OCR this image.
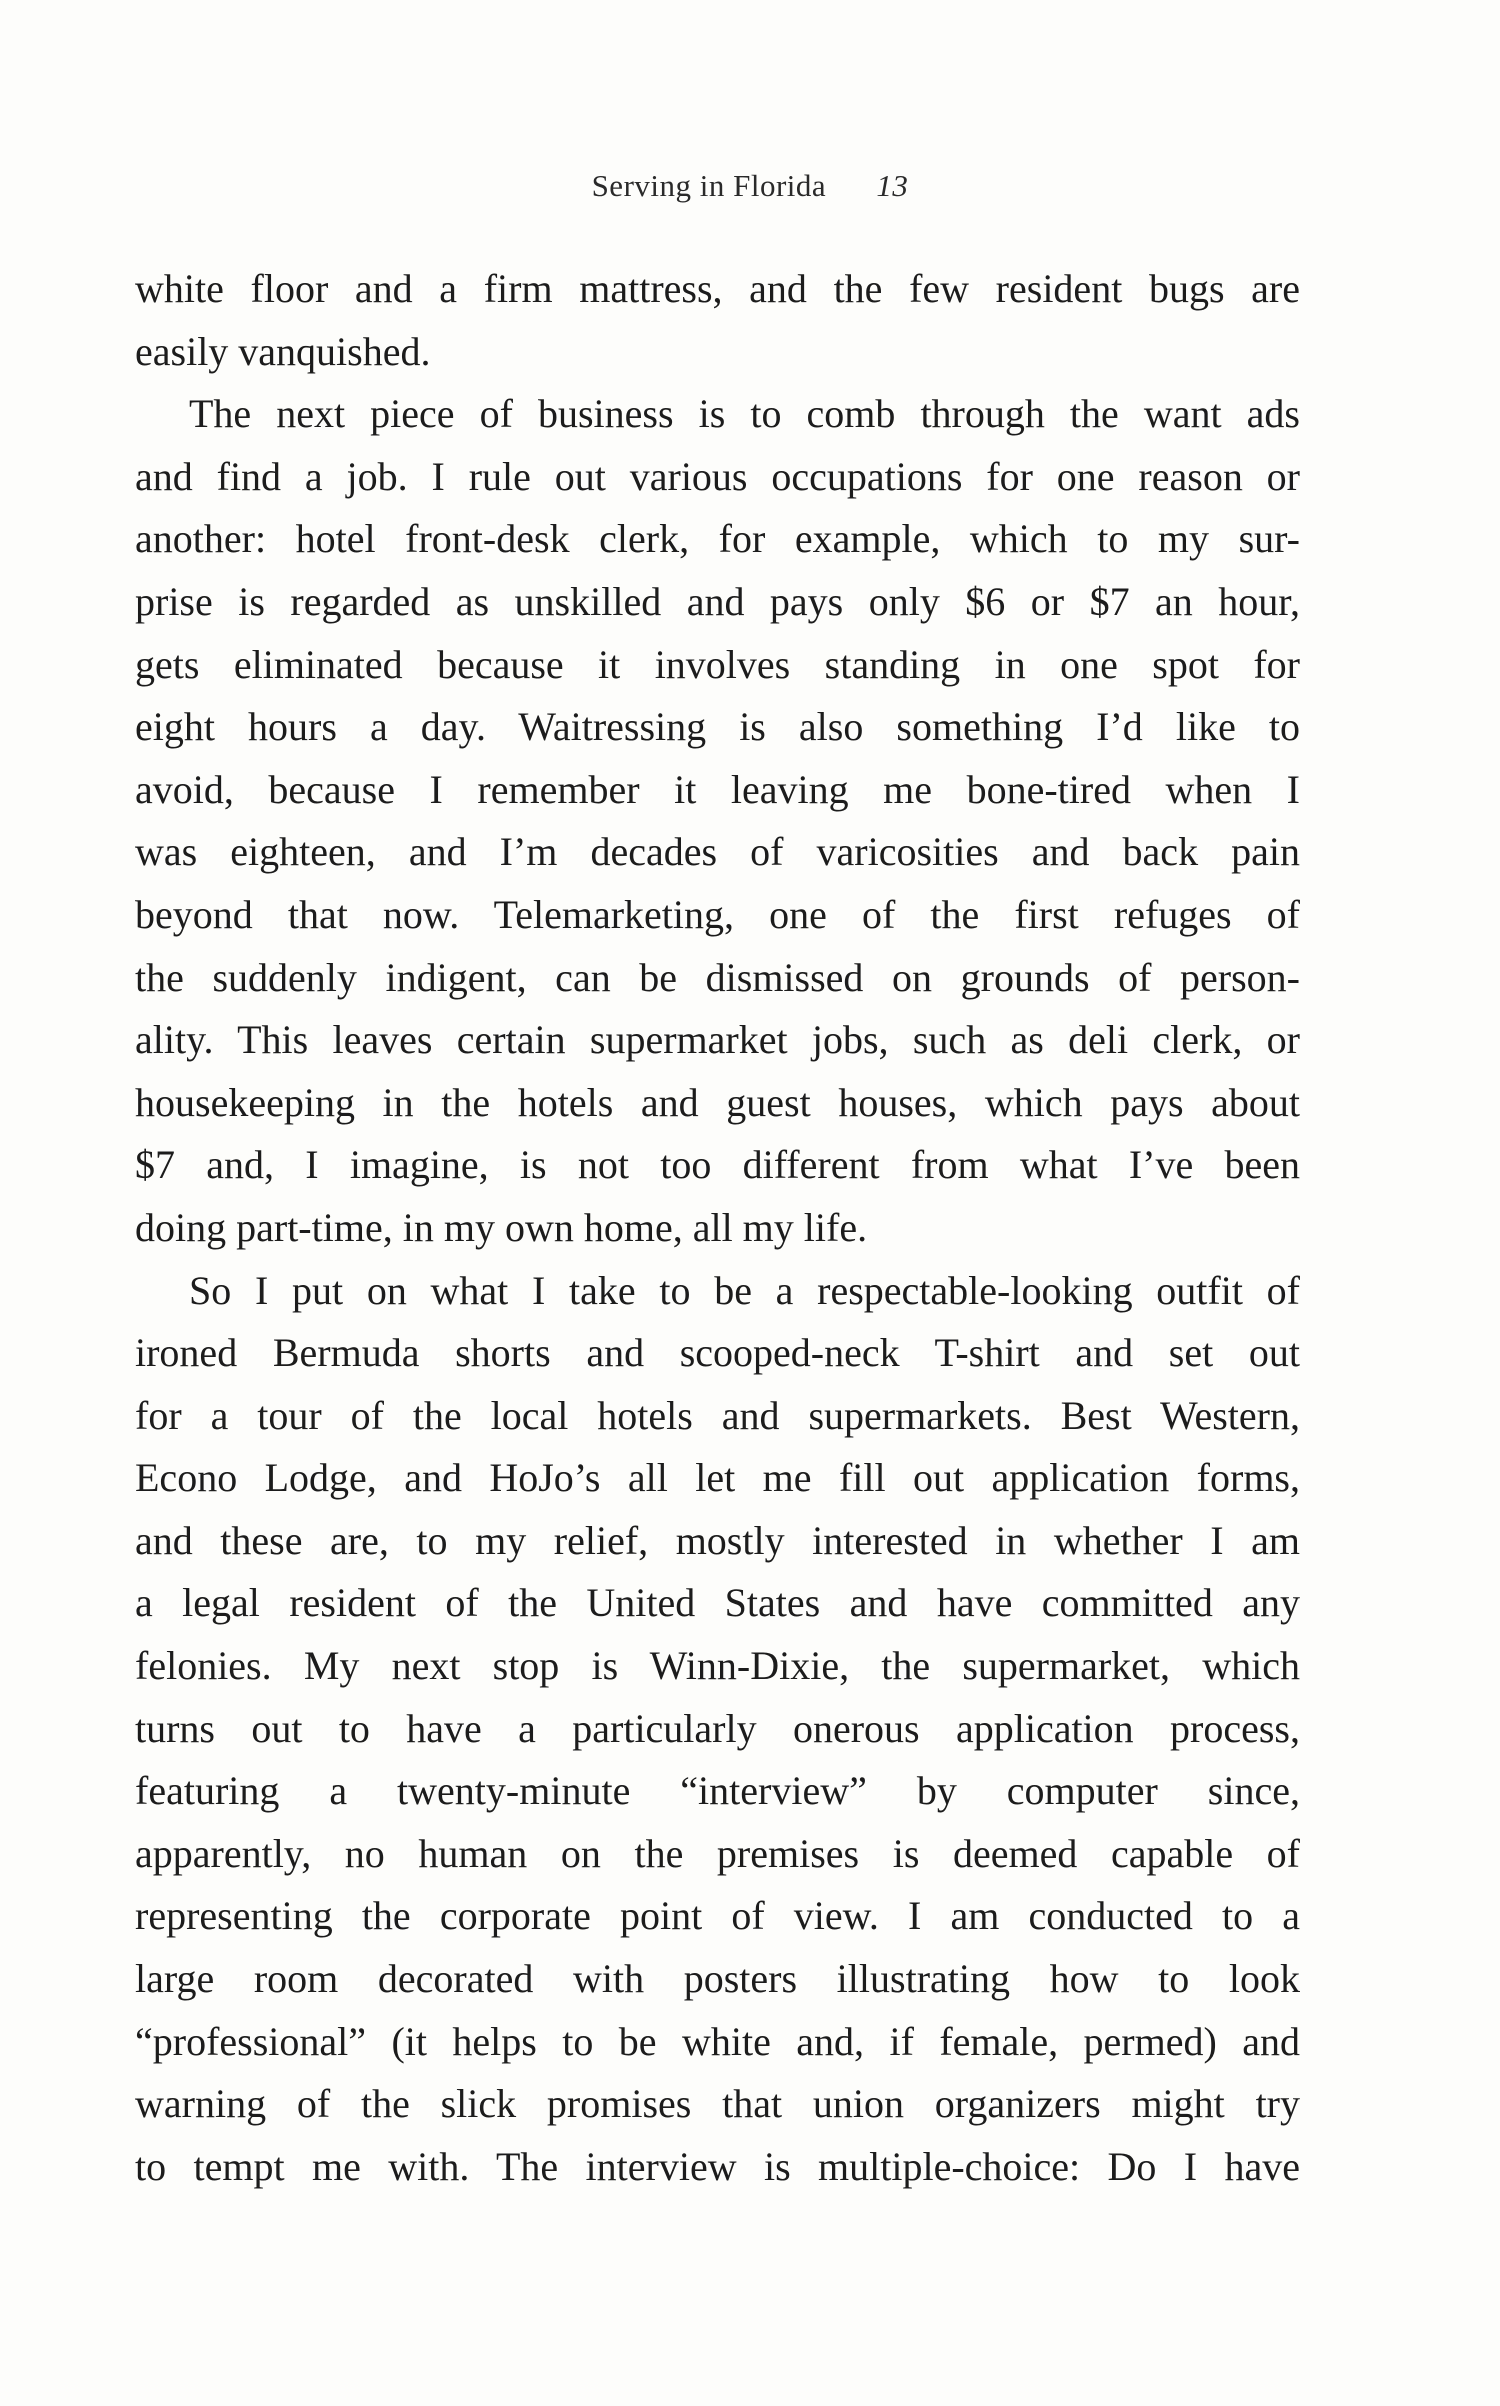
Serving in Florida 13
white floor and a firm mattress, and the few resident bugs are
easily vanquished.
The next piece of business is to comb through the want ads
and find a job. I rule out various occupations for one reason or
another: hotel front-desk clerk, for example, which to my sur-
prise is regarded as unskilled and pays only $6 or $7 an hour,
gets eliminated because it involves standing in one spot for
eight hours a day. Waitressing is also something I’d like to
avoid, because I remember it leaving me bone-tired when I
was eighteen, and I’m decades of varicosities and back pain
beyond that now. Telemarketing, one of the first refuges of
the suddenly indigent, can be dismissed on grounds of person-
ality. This leaves certain supermarket jobs, such as deli clerk, or
housekeeping in the hotels and guest houses, which pays about
$7 and, I imagine, is not too different from what I’ve been
doing part-time, in my own home, all my life.
So I put on what I take to be a respectable-looking outfit of
ironed Bermuda shorts and scooped-neck T-shirt and set out
for a tour of the local hotels and supermarkets. Best Western,
Econo Lodge, and HoJo’s all let me fill out application forms,
and these are, to my relief, mostly interested in whether I am
a legal resident of the United States and have committed any
felonies. My next stop is Winn-Dixie, the supermarket, which
turns out to have a particularly onerous application process,
featuring a twenty-minute “interview” by computer since,
apparently, no human on the premises is deemed capable of
representing the corporate point of view. I am conducted to a
large room decorated with posters illustrating how to look
“professional” (it helps to be white and, if female, permed) and
warning of the slick promises that union organizers might try
to tempt me with. The interview is multiple-choice: Do I have
